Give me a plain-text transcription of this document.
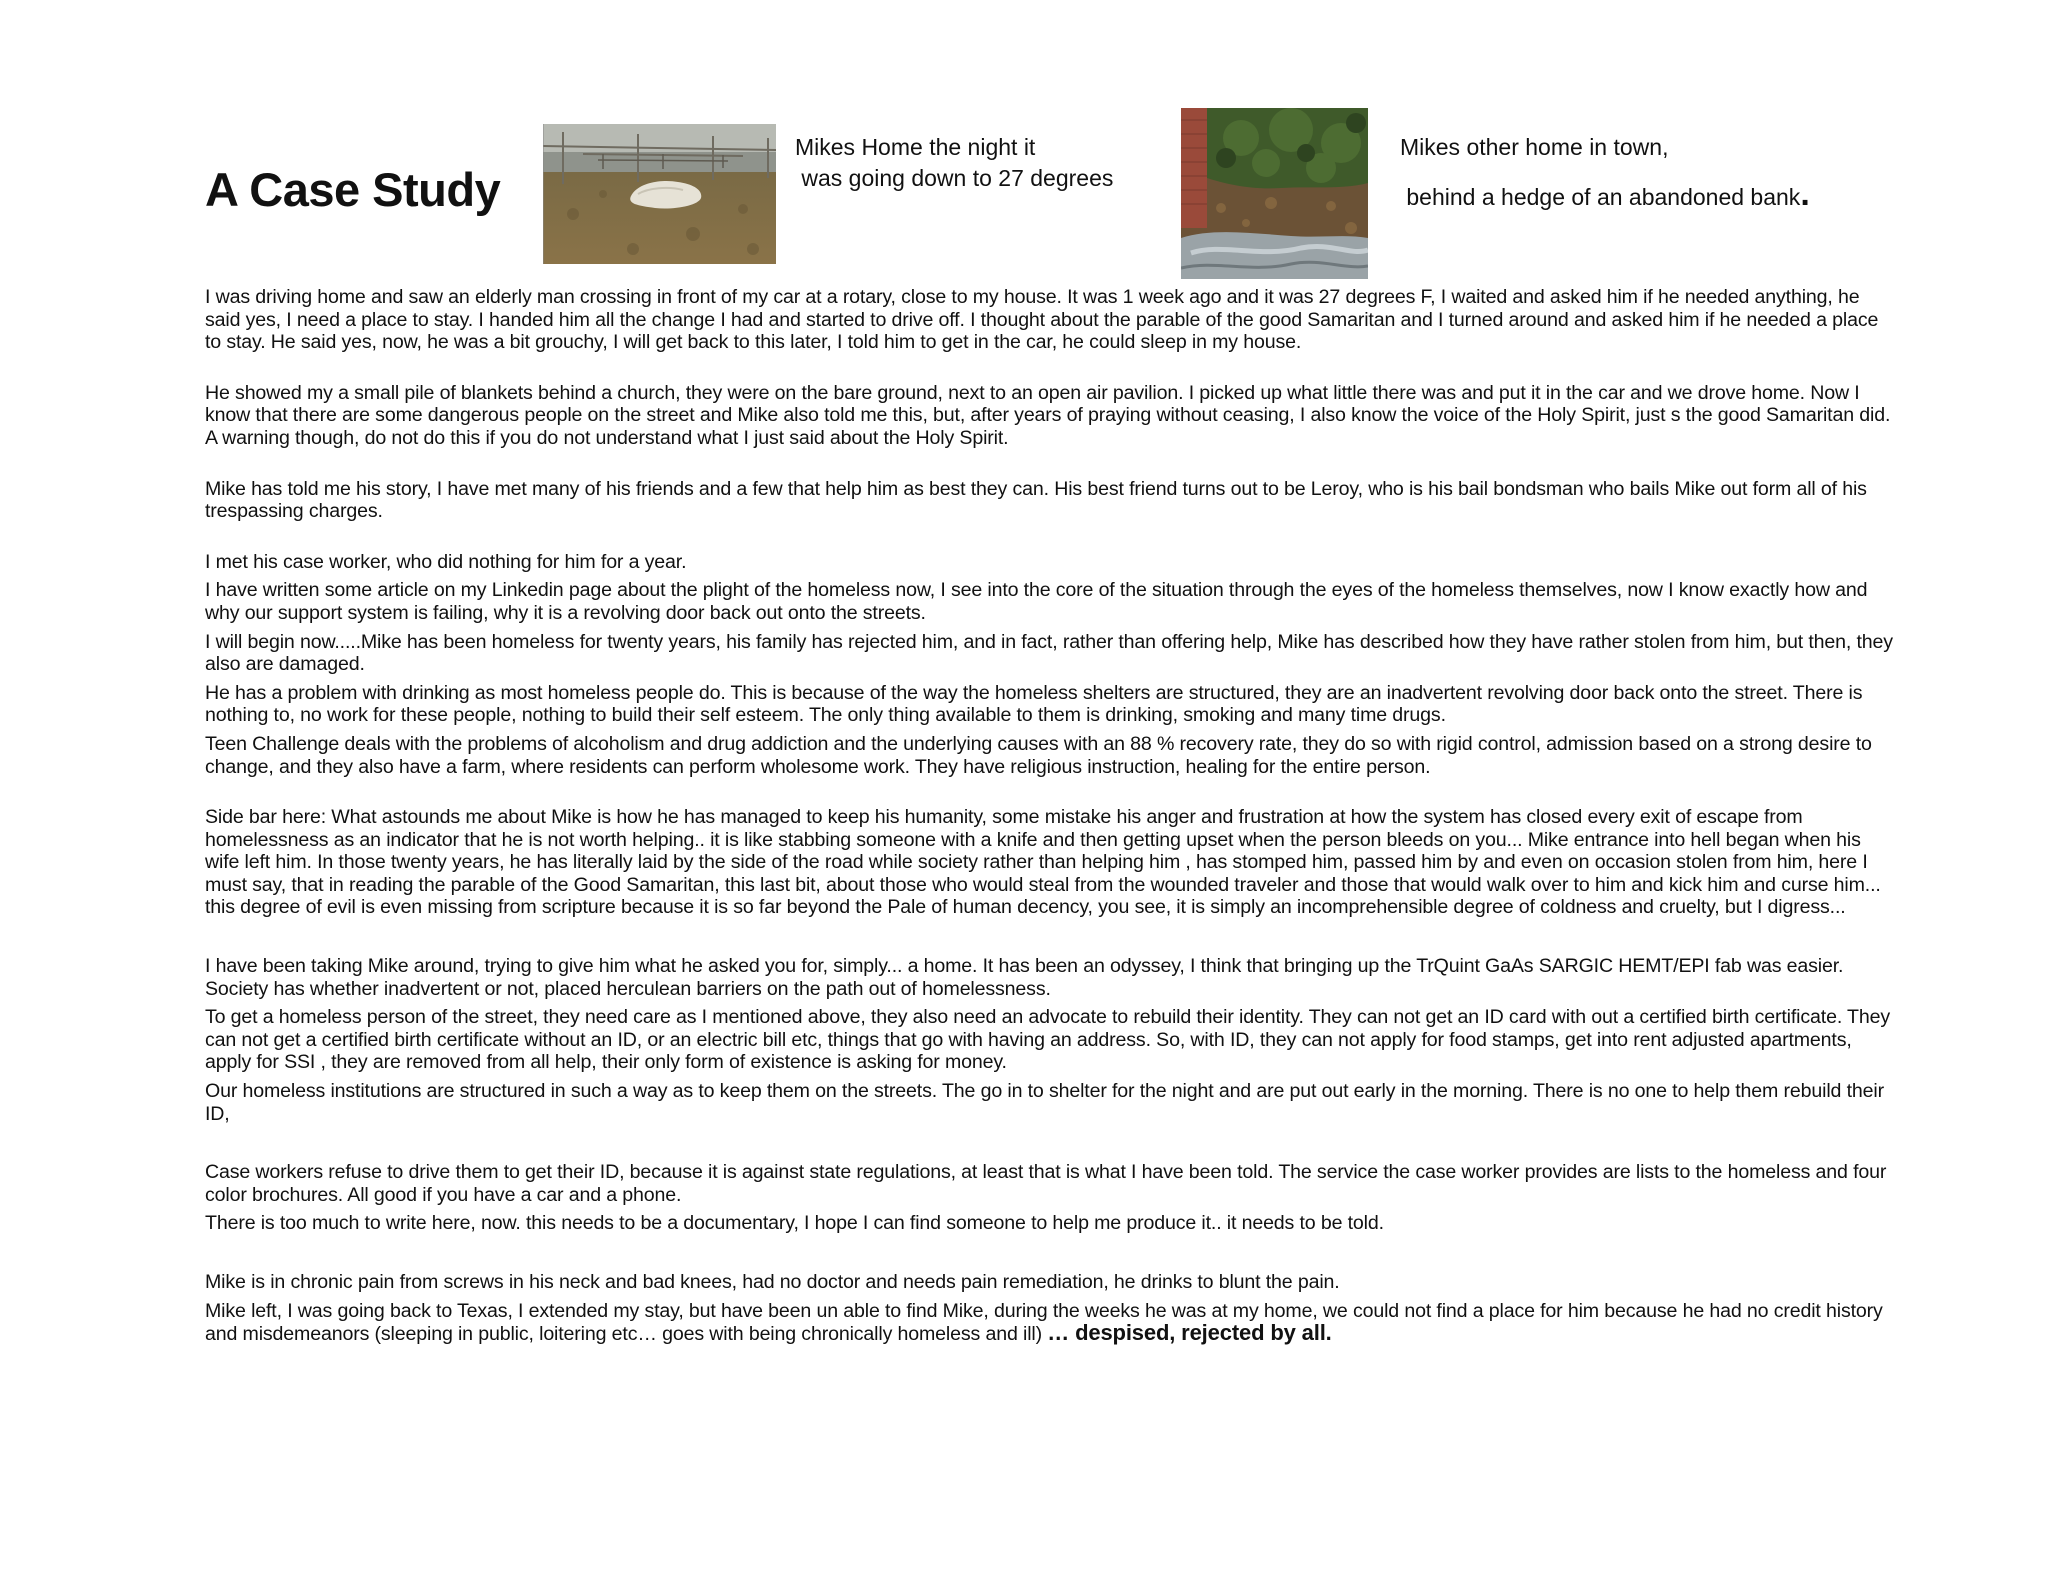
A Case Study
Mikes Home the night it
was going down to 27 degrees
Mikes other home in town,
behind a hedge of an abandoned bank.

I was driving home and saw an elderly man crossing in front of my car at a rotary, close to my house. It was 1 week ago and it was 27 degrees F, I waited and asked him if he needed anything, he said yes, I need a place to stay. I handed him all the change I had and started to drive off. I thought about the parable of the good Samaritan and I turned around and asked him if he needed a place to stay. He said yes, now, he was a bit grouchy, I will get back to this later, I told him to get in the car, he could sleep in my house.

He showed my a small pile of blankets behind a church, they were on the bare ground, next to an open air pavilion. I picked up what little there was and put it in the car and we drove home. Now I know that there are some dangerous people on the street and Mike also told me this, but, after years of praying without ceasing, I also know the voice of the Holy Spirit, just s the good Samaritan did. A warning though, do not do this if you do not understand what I just said about the Holy Spirit.

Mike has told me his story, I have met many of his friends and a few that help him as best they can. His best friend turns out to be Leroy, who is his bail bondsman who bails Mike out form all of his trespassing charges.

I met his case worker, who did nothing for him for a year.

I have written some article on my Linkedin page about the plight of the homeless now, I see into the core of the situation through the eyes of the homeless themselves, now I know exactly how and why our support system is failing, why it is a revolving door back out onto the streets.

I will begin now.....Mike has been homeless for twenty years, his family has rejected him, and in fact, rather than offering help, Mike has described how they have rather stolen from him, but then, they also are damaged.

He has a problem with drinking as most homeless people do. This is because of the way the homeless shelters are structured, they are an inadvertent revolving door back onto the street. There is nothing to, no work for these people, nothing to build their self esteem. The only thing available to them is drinking, smoking and many time drugs.

Teen Challenge deals with the problems of alcoholism and drug addiction and the underlying causes with an 88 % recovery rate, they do so with rigid control, admission based on a strong desire to change, and they also have a farm, where residents can perform wholesome work. They have religious instruction, healing for the entire person.

Side bar here: What astounds me about Mike is how he has managed to keep his humanity, some mistake his anger and frustration at how the system has closed every exit of escape from homelessness as an indicator that he is not worth helping.. it is like stabbing someone with a knife and then getting upset when the person bleeds on you... Mike entrance into hell began when his wife left him. In those twenty years, he has literally laid by the side of the road while society rather than helping him , has stomped him, passed him by and even on occasion stolen from him, here I must say, that in reading the parable of the Good Samaritan, this last bit, about those who would steal from the wounded traveler and those that would walk over to him and kick him and curse him... this degree of evil is even missing from scripture because it is so far beyond the Pale of human decency, you see, it is simply an incomprehensible degree of coldness and cruelty, but I digress...

I have been taking Mike around, trying to give him what he asked you for, simply... a home. It has been an odyssey, I think that bringing up the TrQuint GaAs SARGIC HEMT/EPI fab was easier. Society has whether inadvertent or not, placed herculean barriers on the path out of homelessness.

To get a homeless person of the street, they need care as I mentioned above, they also need an advocate to rebuild their identity. They can not get an ID card with out a certified birth certificate. They can not get a certified birth certificate without an ID, or an electric bill etc, things that go with having an address. So, with ID, they can not apply for food stamps, get into rent adjusted apartments, apply for SSI , they are removed from all help, their only form of existence is asking for money.

Our homeless institutions are structured in such a way as to keep them on the streets. The go in to shelter for the night and are put out early in the morning. There is no one to help them rebuild their ID,

Case workers refuse to drive them to get their ID, because it is against state regulations, at least that is what I have been told. The service the case worker provides are lists to the homeless and four color brochures. All good if you have a car and a phone.

There is too much to write here, now. this needs to be a documentary, I hope I can find someone to help me produce it.. it needs to be told.

Mike is in chronic pain from screws in his neck and bad knees, had no doctor and needs pain remediation, he drinks to blunt the pain.

Mike left, I was going back to Texas, I extended my stay, but have been un able to find Mike, during the weeks he was at my home, we could not find a place for him because he had no credit history and misdemeanors (sleeping in public, loitering etc… goes with being chronically homeless and ill) … despised, rejected by all.
